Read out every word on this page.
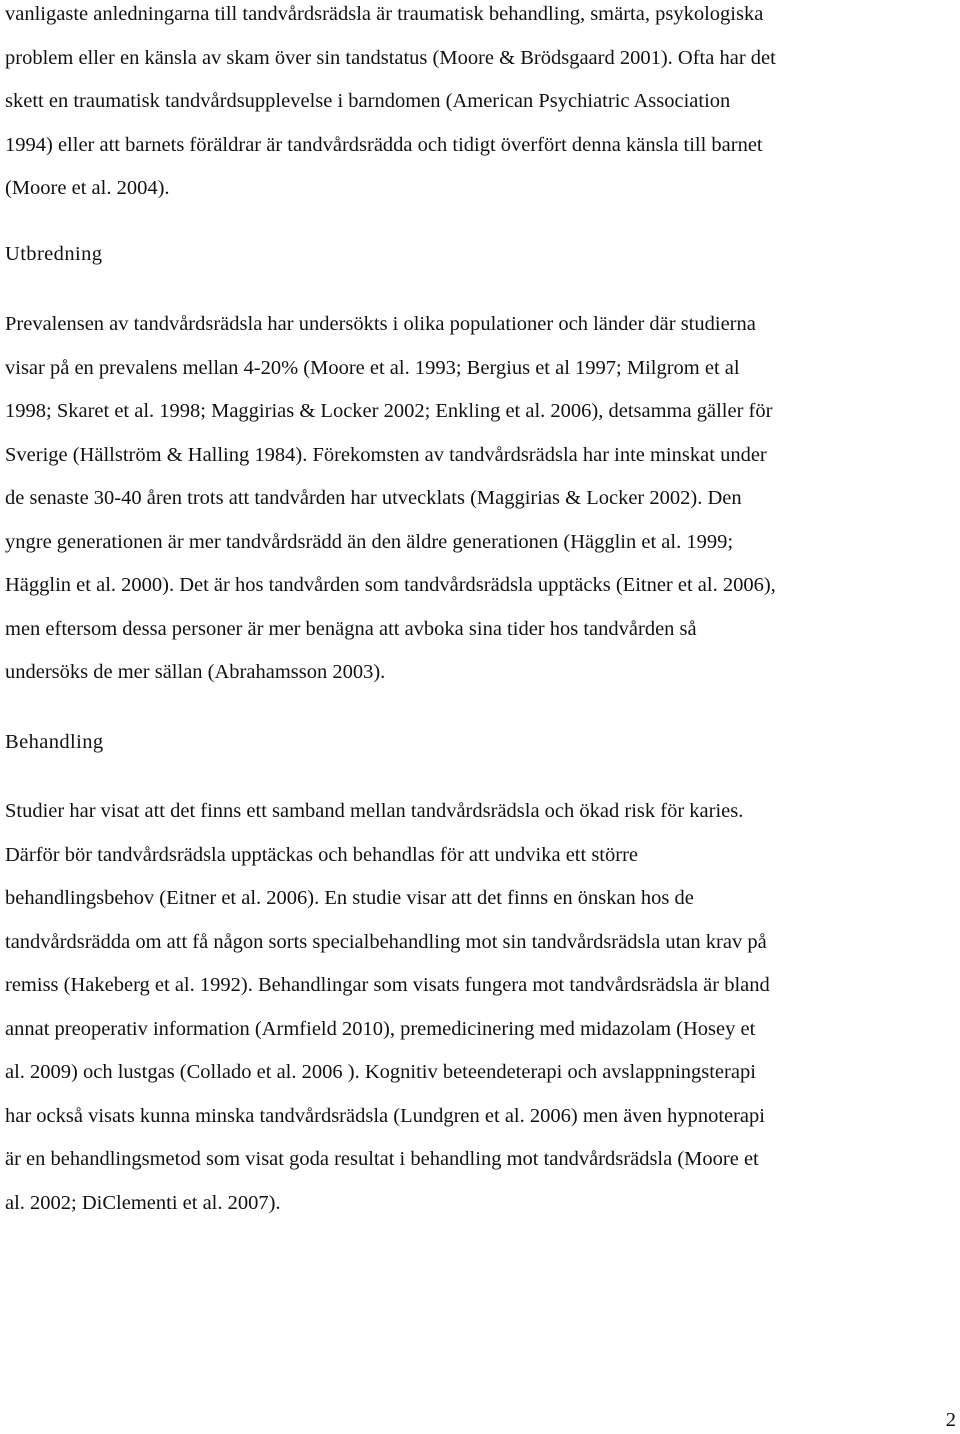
vanligaste anledningarna till tandvårdsrädsla är traumatisk behandling, smärta, psykologiska
problem eller en känsla av skam över sin tandstatus (Moore & Brödsgaard 2001). Ofta har det
skett en traumatisk tandvårdsupplevelse i barndomen (American Psychiatric Association
1994) eller att barnets föräldrar är tandvårdsrädda och tidigt överfört denna känsla till barnet
(Moore et al. 2004).

Utbredning

Prevalensen av tandvårdsrädsla har undersökts i olika populationer och länder där studierna
visar på en prevalens mellan 4-20% (Moore et al. 1993; Bergius et al 1997; Milgrom et al
1998; Skaret et al. 1998; Maggirias & Locker 2002; Enkling et al. 2006), detsamma gäller för
Sverige (Hällström & Halling 1984). Förekomsten av tandvårdsrädsla har inte minskat under
de senaste 30-40 åren trots att tandvården har utvecklats (Maggirias & Locker 2002). Den
yngre generationen är mer tandvårdsrädd än den äldre generationen (Hägglin et al. 1999;
Hägglin et al. 2000). Det är hos tandvården som tandvårdsrädsla upptäcks (Eitner et al. 2006),
men eftersom dessa personer är mer benägna att avboka sina tider hos tandvården så
undersöks de mer sällan (Abrahamsson 2003).

Behandling

Studier har visat att det finns ett samband mellan tandvårdsrädsla och ökad risk för karies.
Därför bör tandvårdsrädsla upptäckas och behandlas för att undvika ett större
behandlingsbehov (Eitner et al. 2006). En studie visar att det finns en önskan hos de
tandvårdsrädda om att få någon sorts specialbehandling mot sin tandvårdsrädsla utan krav på
remiss (Hakeberg et al. 1992). Behandlingar som visats fungera mot tandvårdsrädsla är bland
annat preoperativ information (Armfield 2010), premedicinering med midazolam (Hosey et
al. 2009) och lustgas (Collado et al. 2006 ). Kognitiv beteendeterapi och avslappningsterapi
har också visats kunna minska tandvårdsrädsla (Lundgren et al. 2006) men även hypnoterapi
är en behandlingsmetod som visat goda resultat i behandling mot tandvårdsrädsla (Moore et
al. 2002; DiClementi et al. 2007).

2
